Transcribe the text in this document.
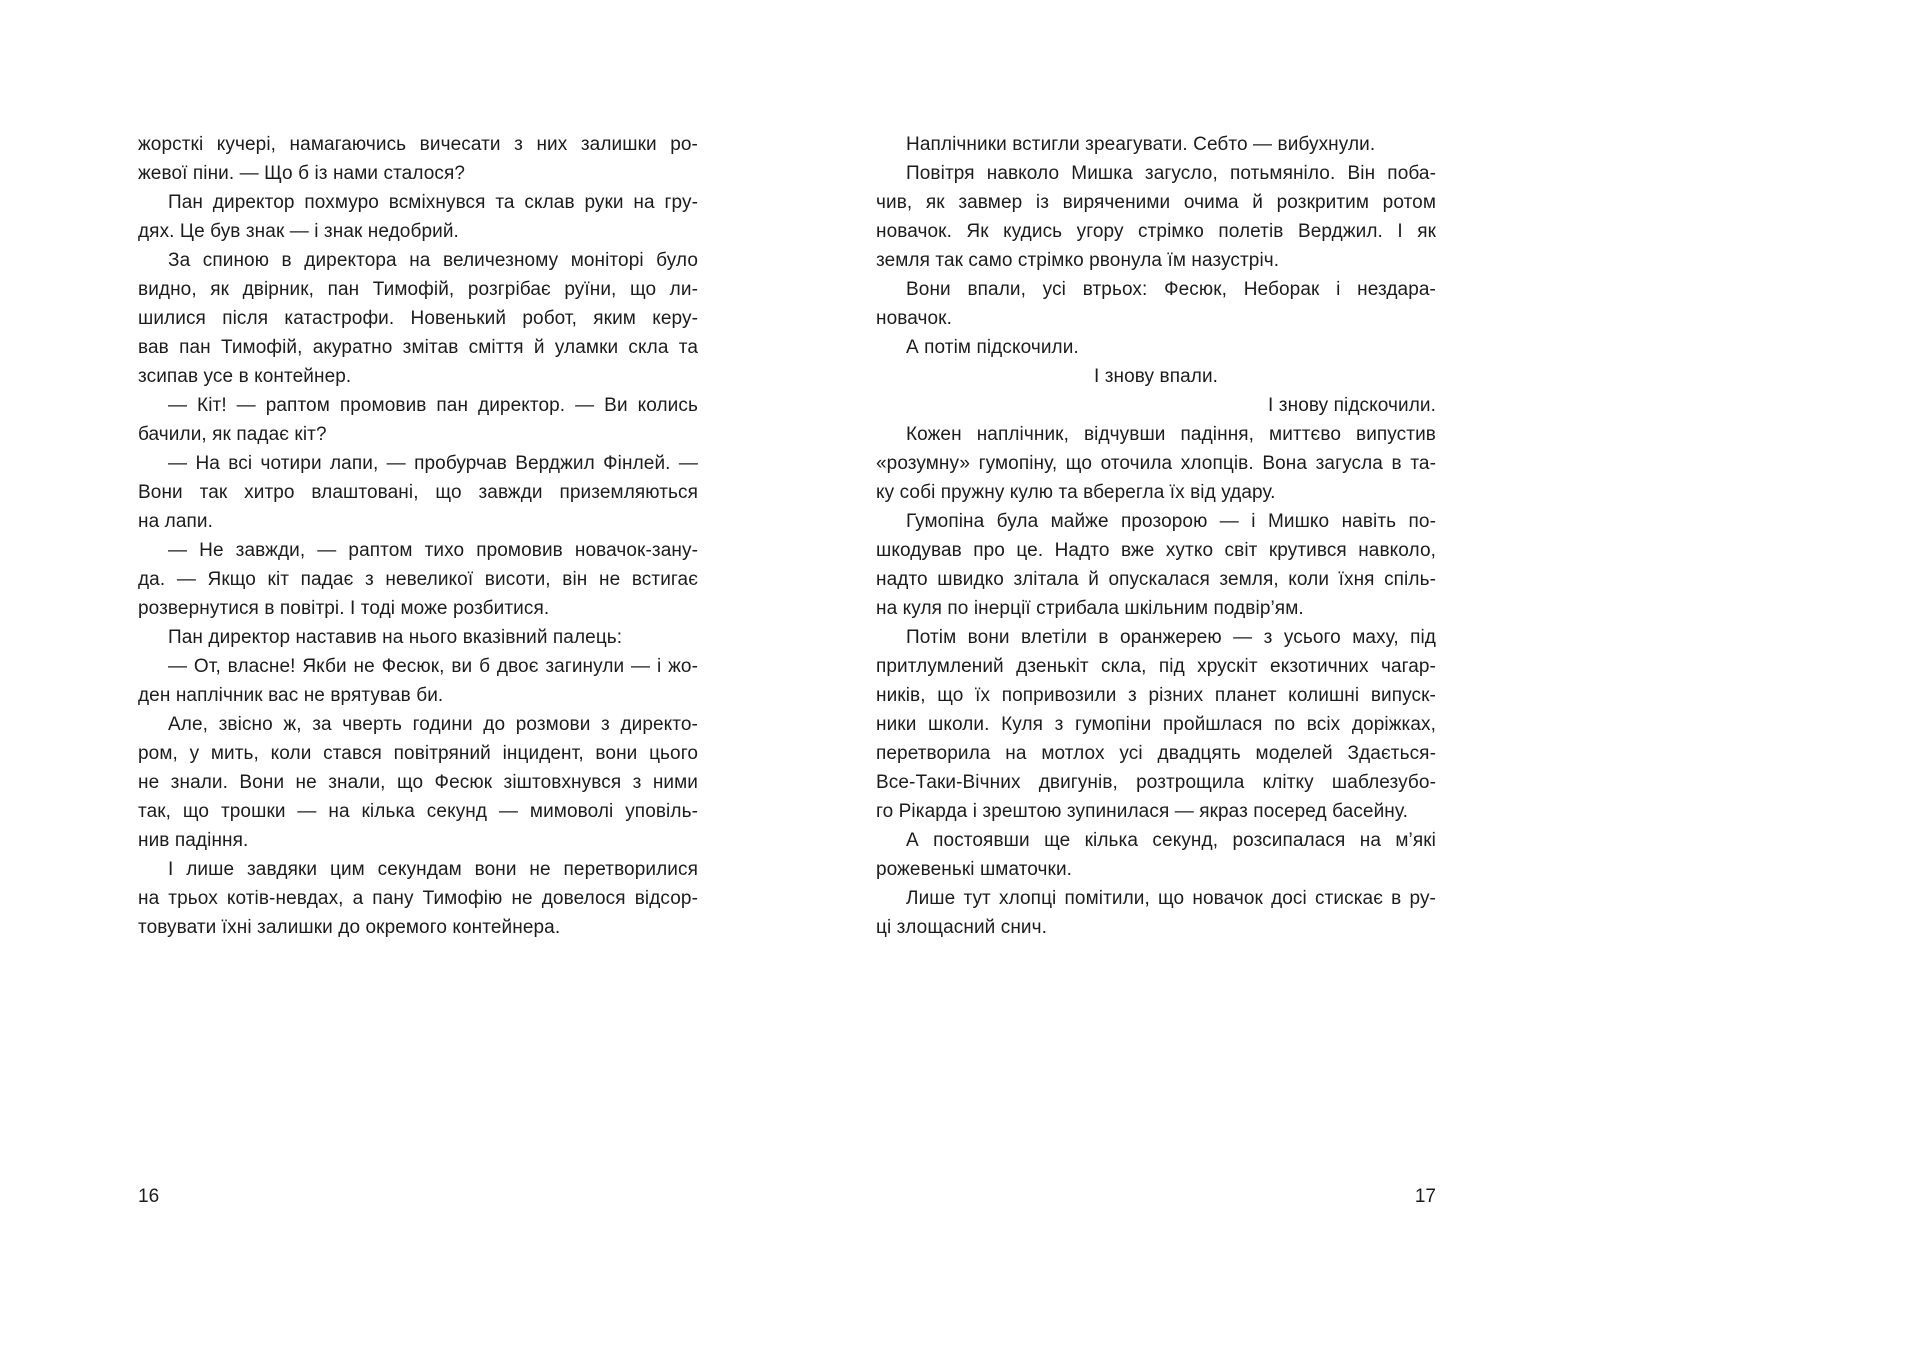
жорсткі кучері, намагаючись вичесати з них залишки ро-
жевої піни. — Що б із нами сталося?
Пан директор похмуро всміхнувся та склав руки на гру-
дях. Це був знак — і знак недобрий.
За спиною в директора на величезному моніторі було
видно, як двірник, пан Тимофій, розгрібає руїни, що ли-
шилися після катастрофи. Новенький робот, яким керу-
вав пан Тимофій, акуратно змітав сміття й уламки скла та
зсипав усе в контейнер.
— Кіт! — раптом промовив пан директор. — Ви колись
бачили, як падає кіт?
— На всі чотири лапи, — пробурчав Верджил Фінлей. —
Вони так хитро влаштовані, що завжди приземляються
на лапи.
— Не завжди, — раптом тихо промовив новачок-зану-
да. — Якщо кіт падає з невеликої висоти, він не встигає
розвернутися в повітрі. І тоді може розбитися.
Пан директор наставив на нього вказівний палець:
— От, власне! Якби не Фесюк, ви б двоє загинули — і жо-
ден наплічник вас не врятував би.
Але, звісно ж, за чверть години до розмови з директо-
ром, у мить, коли стався повітряний інцидент, вони цього
не знали. Вони не знали, що Фесюк зіштовхнувся з ними
так, що трошки — на кілька секунд — мимоволі уповіль-
нив падіння.
І лише завдяки цим секундам вони не перетворилися
на трьох котів-невдах, а пану Тимофію не довелося відсор-
товувати їхні залишки до окремого контейнера.
16
Наплічники встигли зреагувати. Себто — вибухнули.
Повітря навколо Мишка загусло, потьмяніло. Він поба-
чив, як завмер із виряченими очима й розкритим ротом
новачок. Як кудись угору стрімко полетів Верджил. І як
земля так само стрімко рвонула їм назустріч.
Вони впали, усі втрьох: Фесюк, Неборак і нездара-
новачок.
А потім підскочили.
І знову впали.
І знову підскочили.
Кожен наплічник, відчувши падіння, миттєво випустив
«розумну» гумопіну, що оточила хлопців. Вона загусла в та-
ку собі пружну кулю та вберегла їх від удару.
Гумопіна була майже прозорою — і Мишко навіть по-
шкодував про це. Надто вже хутко світ крутився навколо,
надто швидко злітала й опускалася земля, коли їхня спіль-
на куля по інерції стрибала шкільним подвір’ям.
Потім вони влетіли в оранжерею — з усього маху, під
притлумлений дзенькіт скла, під хрускіт екзотичних чагар-
ників, що їх попривозили з різних планет колишні випуск-
ники школи. Куля з гумопіни пройшлася по всіх доріжках,
перетворила на мотлох усі двадцять моделей Здається-
Все-Таки-Вічних двигунів, розтрощила клітку шаблезубо-
го Рікарда і зрештою зупинилася — якраз посеред басейну.
А постоявши ще кілька секунд, розсипалася на м’які
рожевенькі шматочки.
Лише тут хлопці помітили, що новачок досі стискає в ру-
ці злощасний снич.
17
